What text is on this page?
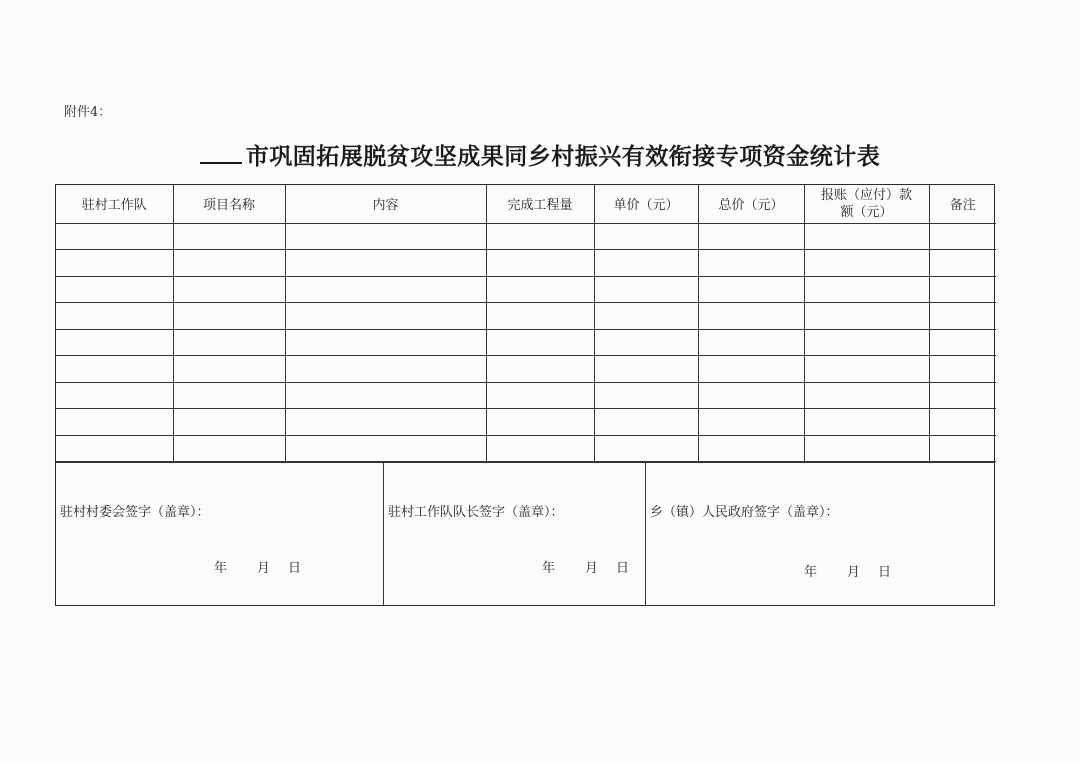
附件4：
市巩固拓展脱贫攻坚成果同乡村振兴有效衔接专项资金统计表
驻村工作队	项目名称	内容	完成工程量	单价（元）	总价（元）	报账（应付）款
额（元）	备注

驻村村委会签字（盖章）：
年 月 日
驻村工作队队长签字（盖章）：
年 月 日
乡（镇）人民政府签字（盖章）：
年 月 日
